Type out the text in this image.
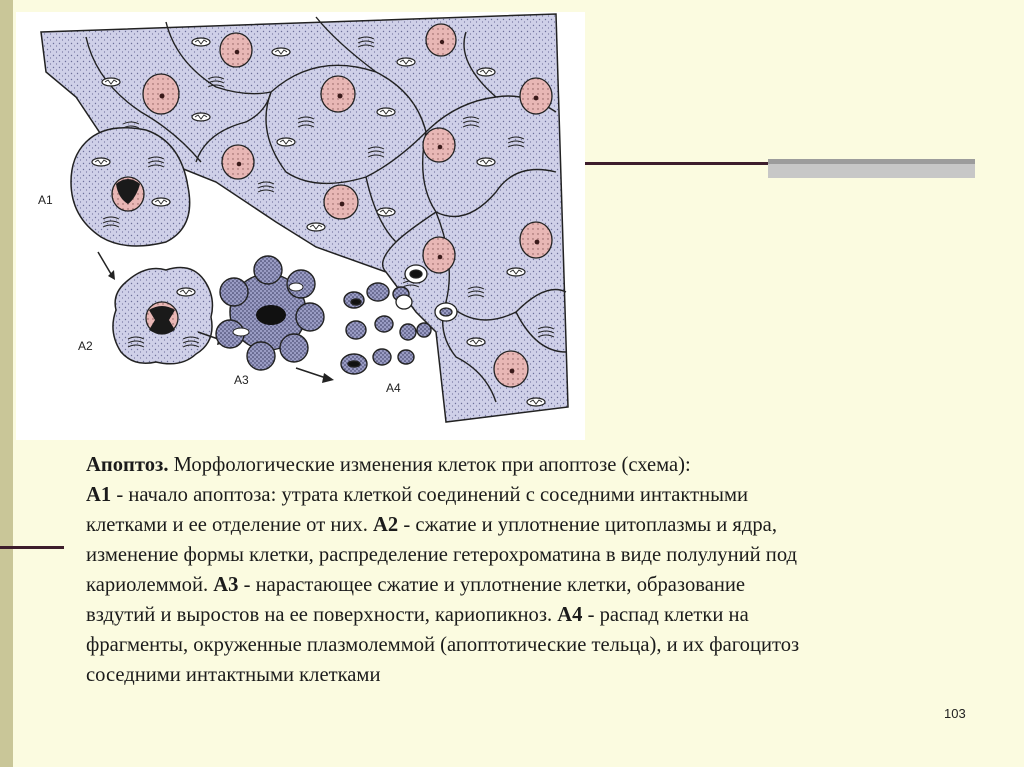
A1
A2
A3
A4
Апоптоз. Морфологические изменения клеток при апоптозе (схема):
А1 - начало апоптоза: утрата клеткой соединений с соседними интактными
клетками и ее отделение от них. А2 - сжатие и уплотнение цитоплазмы и ядра,
изменение формы клетки, распределение гетерохроматина в виде полулуний под
кариолеммой. А3 - нарастающее сжатие и уплотнение клетки, образование
вздутий и выростов на ее поверхности, кариопикноз. А4 - распад клетки на
фрагменты, окруженные плазмолеммой (апоптотические тельца), и их фагоцитоз
соседними интактными клетками
103
